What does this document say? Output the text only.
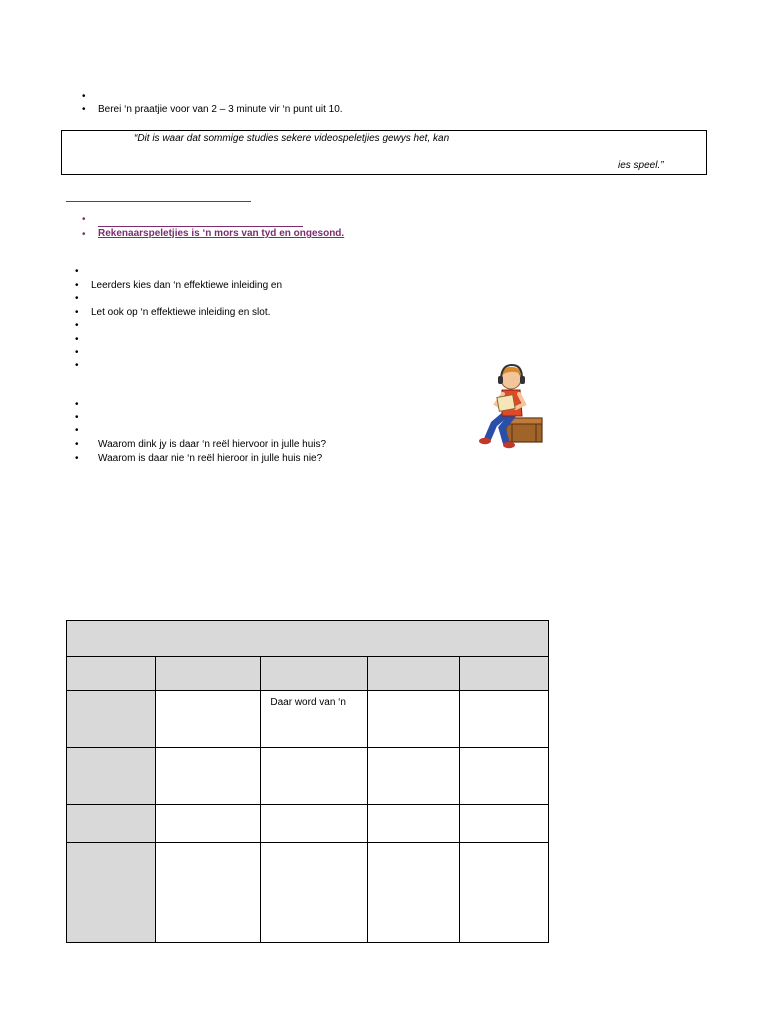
•
• Berei ‘n praatjie voor van 2 – 3 minute vir ‘n punt uit 10.
“Dit is waar dat sommige studies sekere videospeletjies gewys het, kan
ies speel.”
•
• Rekenaarspeletjies is ‘n mors van tyd en ongesond.
•
• Leerders kies dan ‘n effektiewe inleiding en
•
• Let ook op ‘n effektiewe inleiding en slot.
•
•
•
•
•
•
•
• Waarom dink jy is daar ‘n reël hiervoor in julle huis?
• Waarom is daar nie ‘n reël hieroor in julle huis nie?

		Daar word van ‘n		
